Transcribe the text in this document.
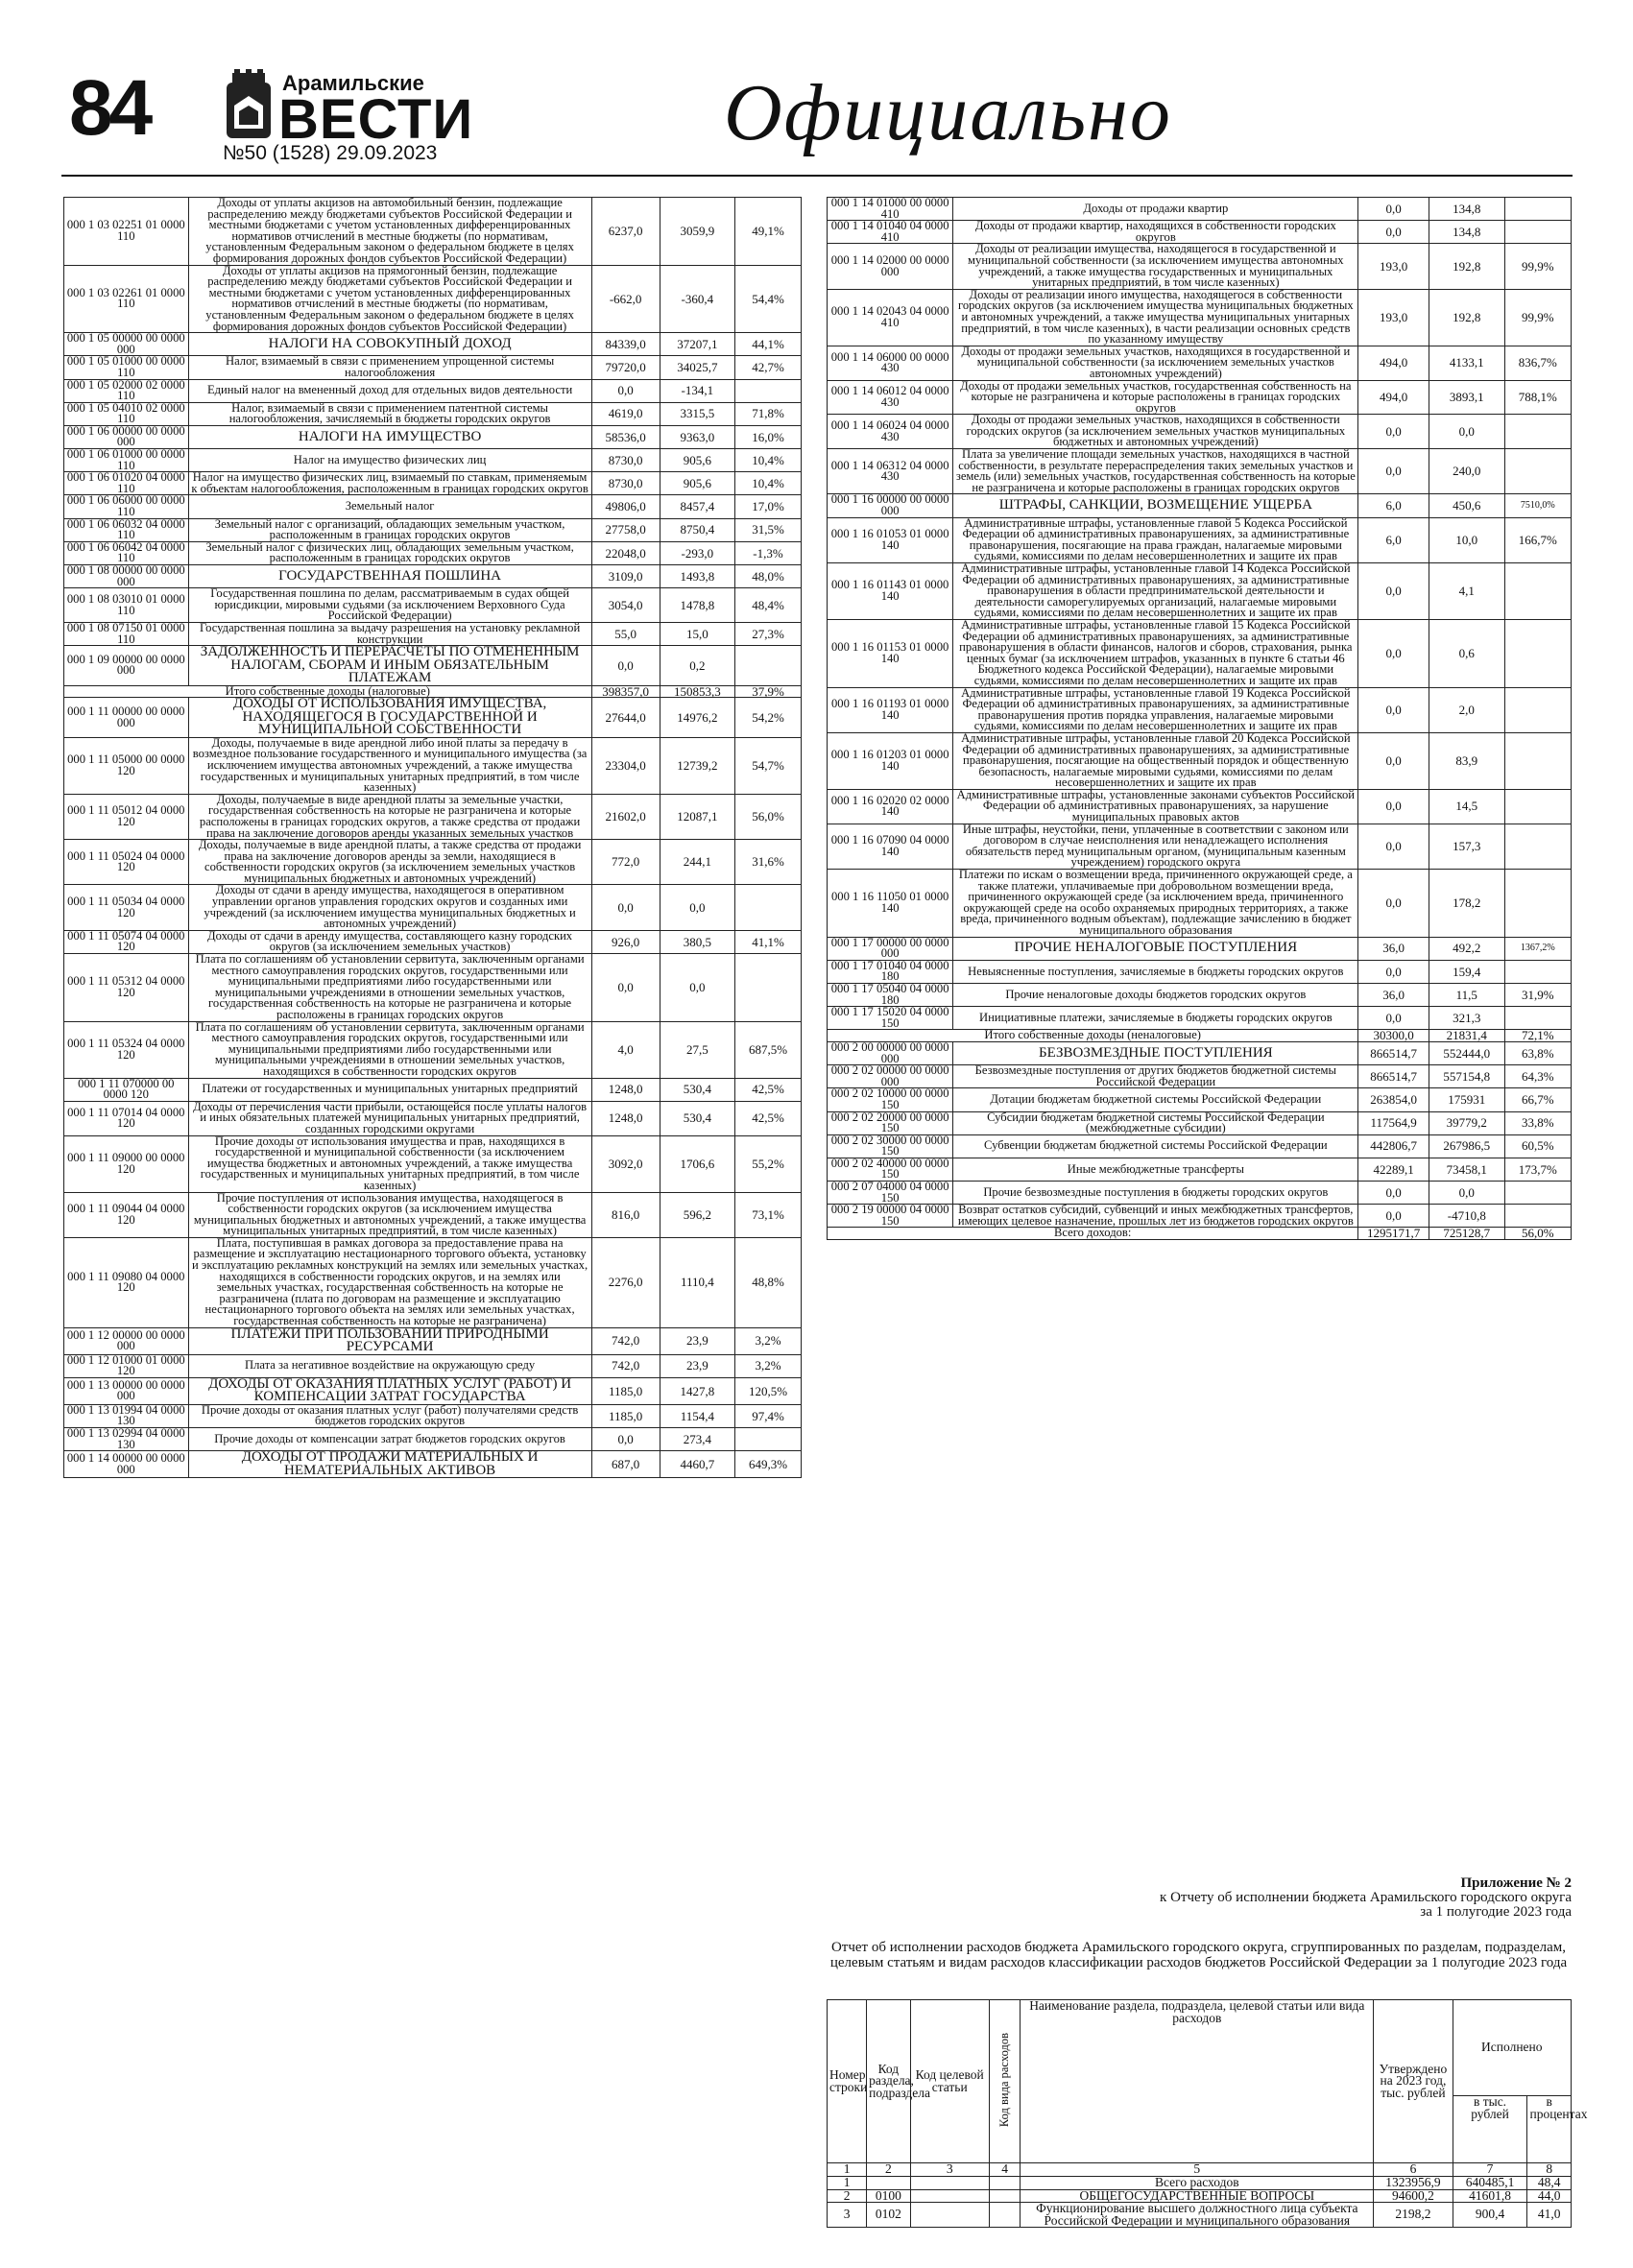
84	Арамильские
ВЕСТИ
№50 (1528) 29.09.2023	Официально
000 1 03 02251 01 0000 110	Доходы от уплаты акцизов на автомобильный бензин, подлежащие распределению между бюджетами субъектов Российской Федерации и местными бюджетами с учетом установленных дифференцированных нормативов отчислений в местные бюджеты (по нормативам, установленным Федеральным законом о федеральном бюджете в целях формирования дорожных фондов субъектов Российской Федерации)	6237,0	3059,9	49,1%
000 1 03 02261 01 0000 110	Доходы от уплаты акцизов на прямогонный бензин, подлежащие распределению между бюджетами субъектов Российской Федерации и местными бюджетами с учетом установленных дифференцированных нормативов отчислений в местные бюджеты (по нормативам, установленным Федеральным законом о федеральном бюджете в целях формирования дорожных фондов субъектов Российской Федерации)	-662,0	-360,4	54,4%
000 1 05 00000 00 0000 000	НАЛОГИ НА СОВОКУПНЫЙ ДОХОД	84339,0	37207,1	44,1%
000 1 05 01000 00 0000 110	Налог, взимаемый в связи с применением упрощенной системы налогообложения	79720,0	34025,7	42,7%
000 1 05 02000 02 0000 110	Единый налог на вмененный доход для отдельных видов деятельности	0,0	-134,1	
000 1 05 04010 02 0000 110	Налог, взимаемый в связи с применением патентной системы налогообложения, зачисляемый в бюджеты городских округов	4619,0	3315,5	71,8%
000 1 06 00000 00 0000 000	НАЛОГИ НА ИМУЩЕСТВО	58536,0	9363,0	16,0%
000 1 06 01000 00 0000 110	Налог на имущество физических лиц	8730,0	905,6	10,4%
000 1 06 01020 04 0000 110	Налог на имущество физических лиц, взимаемый по ставкам, применяемым к объектам налогообложения, расположенным в границах городских округов	8730,0	905,6	10,4%
000 1 06 06000 00 0000 110	Земельный налог	49806,0	8457,4	17,0%
000 1 06 06032 04 0000 110	Земельный налог с организаций, обладающих земельным участком, расположенным в границах городских округов	27758,0	8750,4	31,5%
000 1 06 06042 04 0000 110	Земельный налог с физических лиц, обладающих земельным участком, расположенным в границах городских округов	22048,0	-293,0	-1,3%
000 1 08 00000 00 0000 000	ГОСУДАРСТВЕННАЯ ПОШЛИНА	3109,0	1493,8	48,0%
000 1 08 03010 01 0000 110	Государственная пошлина по делам, рассматриваемым в судах общей юрисдикции, мировыми судьями (за исключением Верховного Суда Российской Федерации)	3054,0	1478,8	48,4%
000 1 08 07150 01 0000 110	Государственная пошлина за выдачу разрешения на установку рекламной конструкции	55,0	15,0	27,3%
000 1 09 00000 00 0000 000	ЗАДОЛЖЕННОСТЬ И ПЕРЕРАСЧЕТЫ ПО ОТМЕНЕННЫМ НАЛОГАМ, СБОРАМ И ИНЫМ ОБЯЗАТЕЛЬНЫМ ПЛАТЕЖАМ	0,0	0,2	
Итого собственные доходы (налоговые)		398357,0	150853,3	37,9%
000 1 11 00000 00 0000 000	ДОХОДЫ ОТ ИСПОЛЬЗОВАНИЯ ИМУЩЕСТВА, НАХОДЯЩЕГОСЯ В ГОСУДАРСТВЕННОЙ И МУНИЦИПАЛЬНОЙ СОБСТВЕННОСТИ	27644,0	14976,2	54,2%
000 1 11 05000 00 0000 120	Доходы, получаемые в виде арендной либо иной платы за передачу в возмездное пользование государственного и муниципального имущества (за исключением имущества автономных учреждений, а также имущества государственных и муниципальных унитарных предприятий, в том числе казенных)	23304,0	12739,2	54,7%
000 1 11 05012 04 0000 120	Доходы, получаемые в виде арендной платы за земельные участки, государственная собственность на которые не разграничена и которые расположены в границах городских округов, а также средства от продажи права на заключение договоров аренды указанных земельных участков	21602,0	12087,1	56,0%
000 1 11 05024 04 0000 120	Доходы, получаемые в виде арендной платы, а также средства от продажи права на заключение договоров аренды за земли, находящиеся в собственности городских округов (за исключением земельных участков муниципальных бюджетных и автономных учреждений)	772,0	244,1	31,6%
000 1 11 05034 04 0000 120	Доходы от сдачи в аренду имущества, находящегося в оперативном управлении органов управления городских округов и созданных ими учреждений (за исключением имущества муниципальных бюджетных и автономных учреждений)	0,0	0,0	
000 1 11 05074 04 0000 120	Доходы от сдачи в аренду имущества, составляющего казну городских округов (за исключением земельных участков)	926,0	380,5	41,1%
000 1 11 05312 04 0000 120	Плата по соглашениям об установлении сервитута, заключенным органами местного самоуправления городских округов, государственными или муниципальными предприятиями либо государственными или муниципальными учреждениями в отношении земельных участков, государственная собственность на которые не разграничена и которые расположены в границах городских округов	0,0	0,0	
000 1 11 05324 04 0000 120	Плата по соглашениям об установлении сервитута, заключенным органами местного самоуправления городских округов, государственными или муниципальными предприятиями либо государственными или муниципальными учреждениями в отношении земельных участков, находящихся в собственности городских округов	4,0	27,5	687,5%
000 1 11 070000 00 0000 120	Платежи от государственных и муниципальных унитарных предприятий	1248,0	530,4	42,5%
000 1 11 07014 04 0000 120	Доходы от перечисления части прибыли, остающейся после уплаты налогов и иных обязательных платежей муниципальных унитарных предприятий, созданных городскими округами	1248,0	530,4	42,5%
000 1 11 09000 00 0000 120	Прочие доходы от использования имущества и прав, находящихся в государственной и муниципальной собственности (за исключением имущества бюджетных и автономных учреждений, а также имущества государственных и муниципальных унитарных предприятий, в том числе казенных)	3092,0	1706,6	55,2%
000 1 11 09044 04 0000 120	Прочие поступления от использования имущества, находящегося в собственности городских округов (за исключением имущества муниципальных бюджетных и автономных учреждений, а также имущества муниципальных унитарных предприятий, в том числе казенных)	816,0	596,2	73,1%
000 1 11 09080 04 0000 120	Плата, поступившая в рамках договора за предоставление права на размещение и эксплуатацию нестационарного торгового объекта, установку и эксплуатацию рекламных конструкций на землях или земельных участках, находящихся в собственности городских округов, и на землях или земельных участках, государственная собственность на которые не разграничена (плата по договорам на размещение и эксплуатацию нестационарного торгового объекта на землях или земельных участках, государственная собственность на которые не разграничена)	2276,0	1110,4	48,8%
000 1 12 00000 00 0000 000	ПЛАТЕЖИ ПРИ ПОЛЬЗОВАНИИ ПРИРОДНЫМИ РЕСУРСАМИ	742,0	23,9	3,2%
000 1 12 01000 01 0000 120	Плата за негативное воздействие на окружающую среду	742,0	23,9	3,2%
000 1 13 00000 00 0000 000	ДОХОДЫ ОТ ОКАЗАНИЯ ПЛАТНЫХ УСЛУГ (РАБОТ) И КОМПЕНСАЦИИ ЗАТРАТ ГОСУДАРСТВА	1185,0	1427,8	120,5%
000 1 13 01994 04 0000 130	Прочие доходы от оказания платных услуг (работ) получателями средств бюджетов городских округов	1185,0	1154,4	97,4%
000 1 13 02994 04 0000 130	Прочие доходы от компенсации затрат бюджетов городских округов	0,0	273,4	
000 1 14 00000 00 0000 000	ДОХОДЫ ОТ ПРОДАЖИ МАТЕРИАЛЬНЫХ И НЕМАТЕРИАЛЬНЫХ АКТИВОВ	687,0	4460,7	649,3%
000 1 14 01000 00 0000 410	Доходы от продажи квартир	0,0	134,8	
000 1 14 01040 04 0000 410	Доходы от продажи квартир, находящихся в собственности городских округов	0,0	134,8	
000 1 14 02000 00 0000 000	Доходы от реализации имущества, находящегося в государственной и муниципальной собственности (за исключением имущества автономных учреждений, а также имущества государственных и муниципальных унитарных предприятий, в том числе казенных)	193,0	192,8	99,9%
000 1 14 02043 04 0000 410	Доходы от реализации иного имущества, находящегося в собственности городских округов (за исключением имущества муниципальных бюджетных и автономных учреждений, а также имущества муниципальных унитарных предприятий, в том числе казенных), в части реализации основных средств по указанному имуществу	193,0	192,8	99,9%
000 1 14 06000 00 0000 430	Доходы от продажи земельных участков, находящихся в государственной и муниципальной собственности (за исключением земельных участков автономных учреждений)	494,0	4133,1	836,7%
000 1 14 06012 04 0000 430	Доходы от продажи земельных участков, государственная собственность на которые не разграничена и которые расположены в границах городских округов	494,0	3893,1	788,1%
000 1 14 06024 04 0000 430	Доходы от продажи земельных участков, находящихся в собственности городских округов (за исключением земельных участков муниципальных бюджетных и автономных учреждений)	0,0	0,0	
000 1 14 06312 04 0000 430	Плата за увеличение площади земельных участков, находящихся в частной собственности, в результате перераспределения таких земельных участков и земель (или) земельных участков, государственная собственность на которые не разграничена и которые расположены в границах городских округов	0,0	240,0	
000 1 16 00000 00 0000 000	ШТРАФЫ, САНКЦИИ, ВОЗМЕЩЕНИЕ УЩЕРБА	6,0	450,6	7510,0%
000 1 16 01053 01 0000 140	Административные штрафы, установленные главой 5 Кодекса Российской Федерации об административных правонарушениях, за административные правонарушения, посягающие на права граждан, налагаемые мировыми судьями, комиссиями по делам несовершеннолетних и защите их прав	6,0	10,0	166,7%
000 1 16 01143 01 0000 140	Административные штрафы, установленные главой 14 Кодекса Российской Федерации об административных правонарушениях, за административные правонарушения в области предпринимательской деятельности и деятельности саморегулируемых организаций, налагаемые мировыми судьями, комиссиями по делам несовершеннолетних и защите их прав	0,0	4,1	
000 1 16 01153 01 0000 140	Административные штрафы, установленные главой 15 Кодекса Российской Федерации об административных правонарушениях, за административные правонарушения в области финансов, налогов и сборов, страхования, рынка ценных бумаг (за исключением штрафов, указанных в пункте 6 статьи 46 Бюджетного кодекса Российской Федерации), налагаемые мировыми судьями, комиссиями по делам несовершеннолетних и защите их прав	0,0	0,6	
000 1 16 01193 01 0000 140	Административные штрафы, установленные главой 19 Кодекса Российской Федерации об административных правонарушениях, за административные правонарушения против порядка управления, налагаемые мировыми судьями, комиссиями по делам несовершеннолетних и защите их прав	0,0	2,0	
000 1 16 01203 01 0000 140	Административные штрафы, установленные главой 20 Кодекса Российской Федерации об административных правонарушениях, за административные правонарушения, посягающие на общественный порядок и общественную безопасность, налагаемые мировыми судьями, комиссиями по делам несовершеннолетних и защите их прав	0,0	83,9	
000 1 16 02020 02 0000 140	Административные штрафы, установленные законами субъектов Российской Федерации об административных правонарушениях, за нарушение муниципальных правовых актов	0,0	14,5	
000 1 16 07090 04 0000 140	Иные штрафы, неустойки, пени, уплаченные в соответствии с законом или договором в случае неисполнения или ненадлежащего исполнения обязательств перед муниципальным органом, (муниципальным казенным учреждением) городского округа	0,0	157,3	
000 1 16 11050 01 0000 140	Платежи по искам о возмещении вреда, причиненного окружающей среде, а также платежи, уплачиваемые при добровольном возмещении вреда, причиненного окружающей среде (за исключением вреда, причиненного окружающей среде на особо охраняемых природных территориях, а также вреда, причиненного водным объектам), подлежащие зачислению в бюджет муниципального образования	0,0	178,2	
000 1 17 00000 00 0000 000	ПРОЧИЕ НЕНАЛОГОВЫЕ ПОСТУПЛЕНИЯ	36,0	492,2	1367,2%
000 1 17 01040 04 0000 180	Невыясненные поступления, зачисляемые в бюджеты городских округов	0,0	159,4	
000 1 17 05040 04 0000 180	Прочие неналоговые доходы бюджетов городских округов	36,0	11,5	31,9%
000 1 17 15020 04 0000 150	Инициативные платежи, зачисляемые в бюджеты городских округов	0,0	321,3	
Итого собственные доходы (неналоговые)		30300,0	21831,4	72,1%
000 2 00 00000 00 0000 000	БЕЗВОЗМЕЗДНЫЕ ПОСТУПЛЕНИЯ	866514,7	552444,0	63,8%
000 2 02 00000 00 0000 000	Безвозмездные поступления от других бюджетов бюджетной системы Российской Федерации	866514,7	557154,8	64,3%
000 2 02 10000 00 0000 150	Дотации бюджетам бюджетной системы Российской Федерации	263854,0	175931	66,7%
000 2 02 20000 00 0000 150	Субсидии бюджетам бюджетной системы Российской Федерации (межбюджетные субсидии)	117564,9	39779,2	33,8%
000 2 02 30000 00 0000 150	Субвенции бюджетам бюджетной системы Российской Федерации	442806,7	267986,5	60,5%
000 2 02 40000 00 0000 150	Иные межбюджетные трансферты	42289,1	73458,1	173,7%
000 2 07 04000 04 0000 150	Прочие безвозмездные поступления в бюджеты городских округов	0,0	0,0	
000 2 19 00000 04 0000 150	Возврат остатков субсидий, субвенций и иных межбюджетных трансфертов, имеющих целевое назначение, прошлых лет из бюджетов городских округов	0,0	-4710,8	
Всего доходов:		1295171,7	725128,7	56,0%
Приложение № 2
к Отчету об исполнении бюджета Арамильского городского округа
за 1 полугодие 2023 года
Отчет об исполнении расходов бюджета Арамильского городского округа, сгруппированных по разделам, подразделам, целевым статьям и видам расходов классификации расходов бюджетов Российской Федерации за 1 полугодие 2023 года
Номер строки	Код раздела, подраздела	Код целевой статьи	Код вида расходов	Наименование раздела, подраздела, целевой статьи или вида расходов	Утверждено на 2023 год, тыс. рублей	Исполнено	
						в тыс. рублей	в процентах
1	2	3	4	5	6	7	8
1				Всего расходов	1323956,9	640485,1	48,4
2	0100			ОБЩЕГОСУДАРСТВЕННЫЕ ВОПРОСЫ	94600,2	41601,8	44,0
3	0102			Функционирование высшего должностного лица субъекта Российской Федерации и муниципального образования	2198,2	900,4	41,0
